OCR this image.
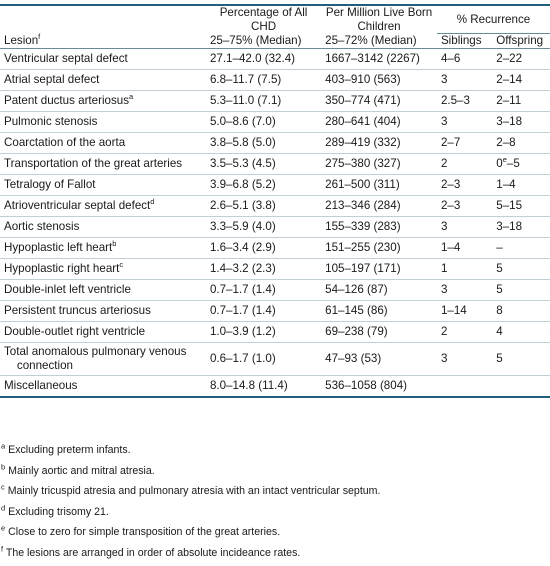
	Percentage of All CHD	Per Million Live Born Children	% Recurrence	
Lesion$^f$	25–75% (Median)	25–72% (Median)	Siblings	Offspring
Ventricular septal defect	27.1–42.0 (32.4)	1667–3142 (2267)	4–6	2–22
Atrial septal defect	6.8–11.7 (7.5)	403–910 (563)	3	2–14
Patent ductus arteriosus$^a$	5.3–11.0 (7.1)	350–774 (471)	2.5–3	2–11
Pulmonic stenosis	5.0–8.6 (7.0)	280–641 (404)	3	3–18
Coarctation of the aorta	3.8–5.8 (5.0)	289–419 (332)	2–7	2–8
Transportation of the great arteries	3.5–5.3 (4.5)	275–380 (327)	2	0e–5
Tetralogy of Fallot	3.9–6.8 (5.2)	261–500 (311)	2–3	1–4
Atrioventricular septal defect$^d$	2.6–5.1 (3.8)	213–346 (284)	2–3	5–15
Aortic stenosis	3.3–5.9 (4.0)	155–339 (283)	3	3–18
Hypoplastic left heart$^b$	1.6–3.4 (2.9)	151–255 (230)	1–4	–
Hypoplastic right heart$^c$	1.4–3.2 (2.3)	105–197 (171)	1	5
Double-inlet left ventricle	0.7–1.7 (1.4)	54–126 (87)	3	5
Persistent truncus arteriosus	0.7–1.7 (1.4)	61–145 (86)	1–14	8
Double-outlet right ventricle	1.0–3.9 (1.2)	69–238 (79)	2	4
Total anomalous pulmonary venous
connection	0.6–1.7 (1.0)	47–93 (53)	3	5
Miscellaneous	8.0–14.8 (11.4)	536–1058 (804)		
$^a$ Excluding preterm infants.
$^b$ Mainly aortic and mitral atresia.
$^c$ Mainly tricuspid atresia and pulmonary atresia with an intact ventricular septum.
$^d$ Excluding trisomy 21.
$^e$ Close to zero for simple transposition of the great arteries.
$^f$ The lesions are arranged in order of absolute incideance rates.
